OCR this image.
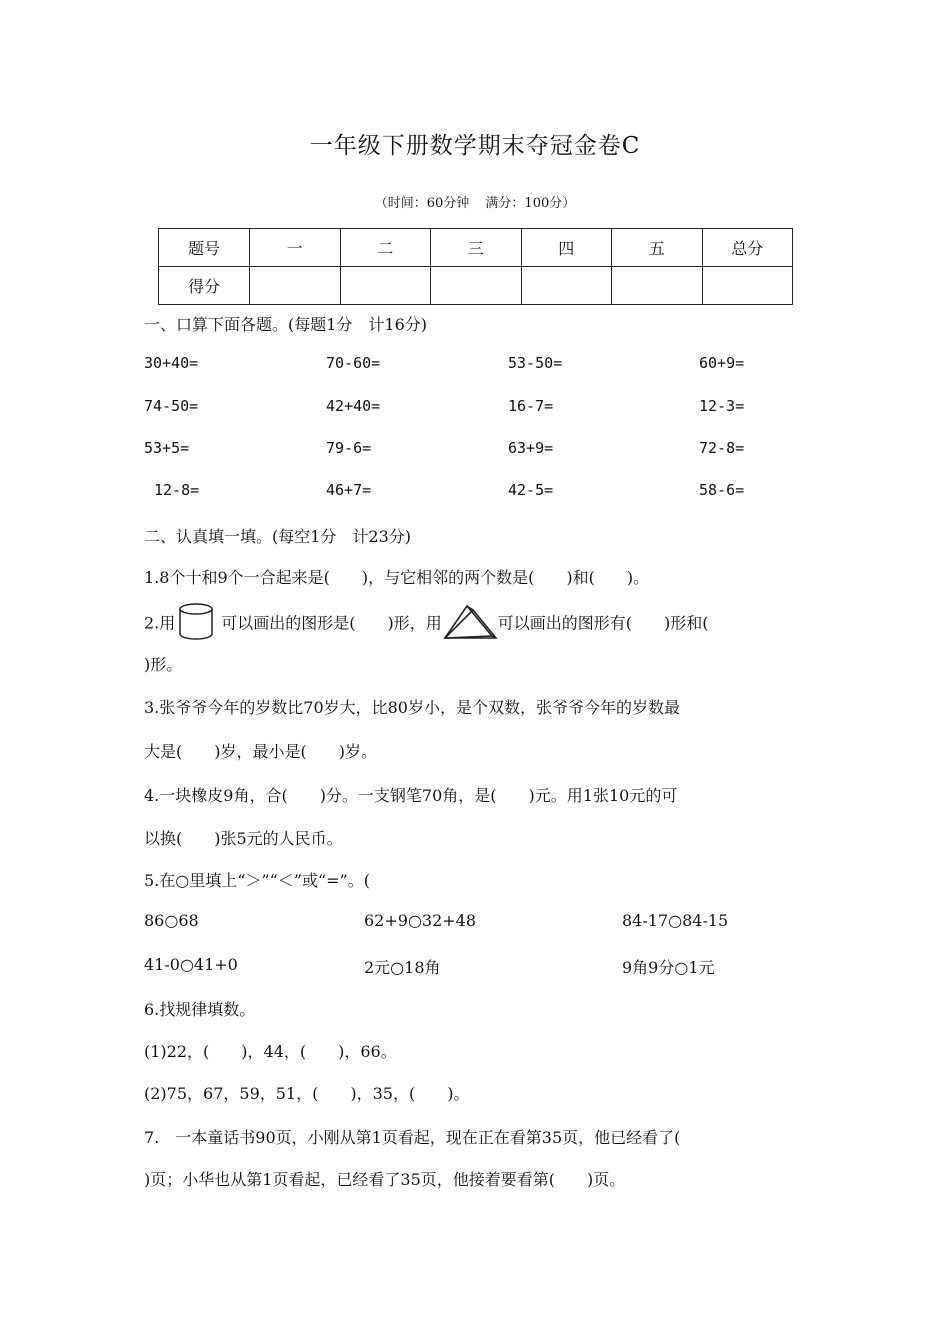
一年级下册数学期末夺冠金卷C
（时间：60分钟 满分：100分）
题号	一	二	三	四	五	总分
得分						
一、口算下面各题。(每题1分　计16分)
30+40=	70-60=	53-50=	60+9=
74-50=	42+40=	16-7=	12-3=
53+5=	79-6=	63+9=	72-8=
12-8=	46+7=	42-5=	58-6=
二、认真填一填。(每空1分　计23分)
1.8个十和9个一合起来是(　　)，与它相邻的两个数是(　　)和(　　)。
2.用	可以画出的图形是(　　)形，用	可以画出的图形有(　　)形和(
)形。
3.张爷爷今年的岁数比70岁大，比80岁小，是个双数，张爷爷今年的岁数最
大是(　　)岁，最小是(　　)岁。
4.一块橡皮9角，合(　　)分。一支钢笔70角，是(　　)元。用1张10元的可
以换(　　)张5元的人民币。
5.在○里填上“＞”“＜”或“=”。(
86○68	62+9○32+48	84-17○84-15
41-0○41+0	2元○18角	9角9分○1元
6.找规律填数。
(1)22，(　　)，44，(　　)，66。
(2)75，67，59，51，(　　)，35，(　　)。
7.　一本童话书90页，小刚从第1页看起，现在正在看第35页，他已经看了(
)页；小华也从第1页看起，已经看了35页，他接着要看第(　　)页。
